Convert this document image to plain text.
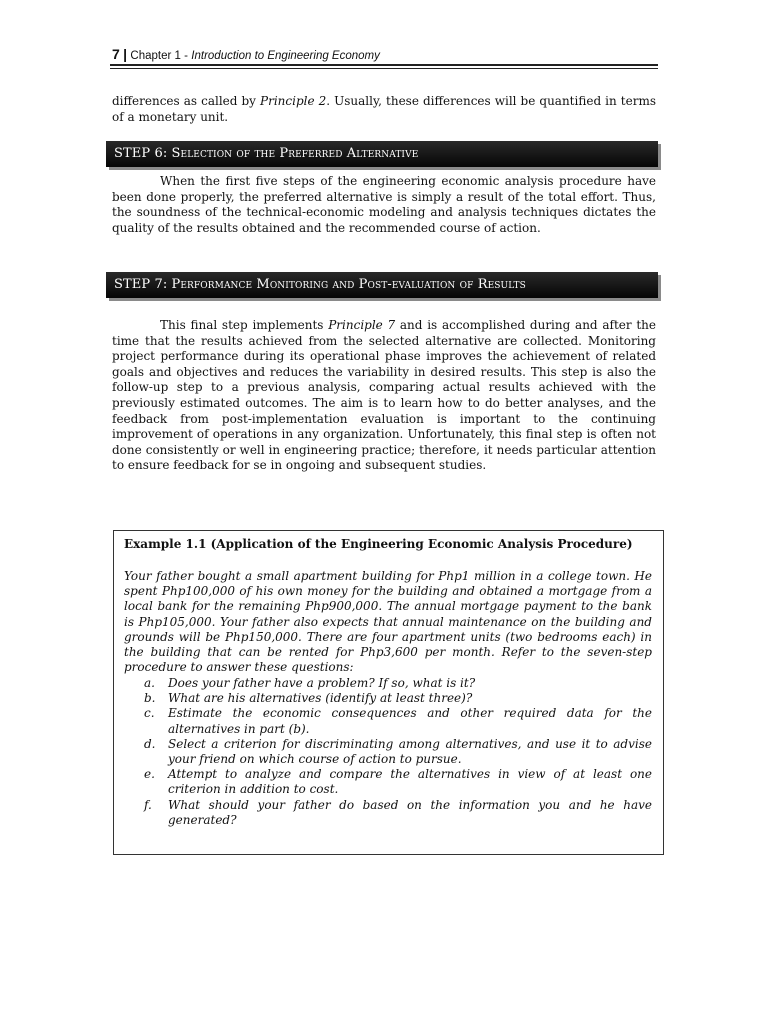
7 | Chapter 1 - Introduction to Engineering Economy
differences as called by Principle 2. Usually, these differences will be quantified in terms of a monetary unit.
STEP 6: Selection of the Preferred Alternative
When the first five steps of the engineering economic analysis procedure have been done properly, the preferred alternative is simply a result of the total effort. Thus, the soundness of the technical-economic modeling and analysis techniques dictates the quality of the results obtained and the recommended course of action.
STEP 7: Performance Monitoring and Post-evaluation of Results
This final step implements Principle 7 and is accomplished during and after the time that the results achieved from the selected alternative are collected. Monitoring project performance during its operational phase improves the achievement of related goals and objectives and reduces the variability in desired results. This step is also the follow-up step to a previous analysis, comparing actual results achieved with the previously estimated outcomes. The aim is to learn how to do better analyses, and the feedback from post-implementation evaluation is important to the continuing improvement of operations in any organization. Unfortunately, this final step is often not done consistently or well in engineering practice; therefore, it needs particular attention to ensure feedback for se in ongoing and subsequent studies.
Example 1.1 (Application of the Engineering Economic Analysis Procedure)
Your father bought a small apartment building for Php1 million in a college town. He spent Php100,000 of his own money for the building and obtained a mortgage from a local bank for the remaining Php900,000. The annual mortgage payment to the bank is Php105,000. Your father also expects that annual maintenance on the building and grounds will be Php150,000. There are four apartment units (two bedrooms each) in the building that can be rented for Php3,600 per month. Refer to the seven-step procedure to answer these questions:
a. Does your father have a problem? If so, what is it?
b. What are his alternatives (identify at least three)?
c. Estimate the economic consequences and other required data for the alternatives in part (b).
d. Select a criterion for discriminating among alternatives, and use it to advise your friend on which course of action to pursue.
e. Attempt to analyze and compare the alternatives in view of at least one criterion in addition to cost.
f. What should your father do based on the information you and he have generated?
